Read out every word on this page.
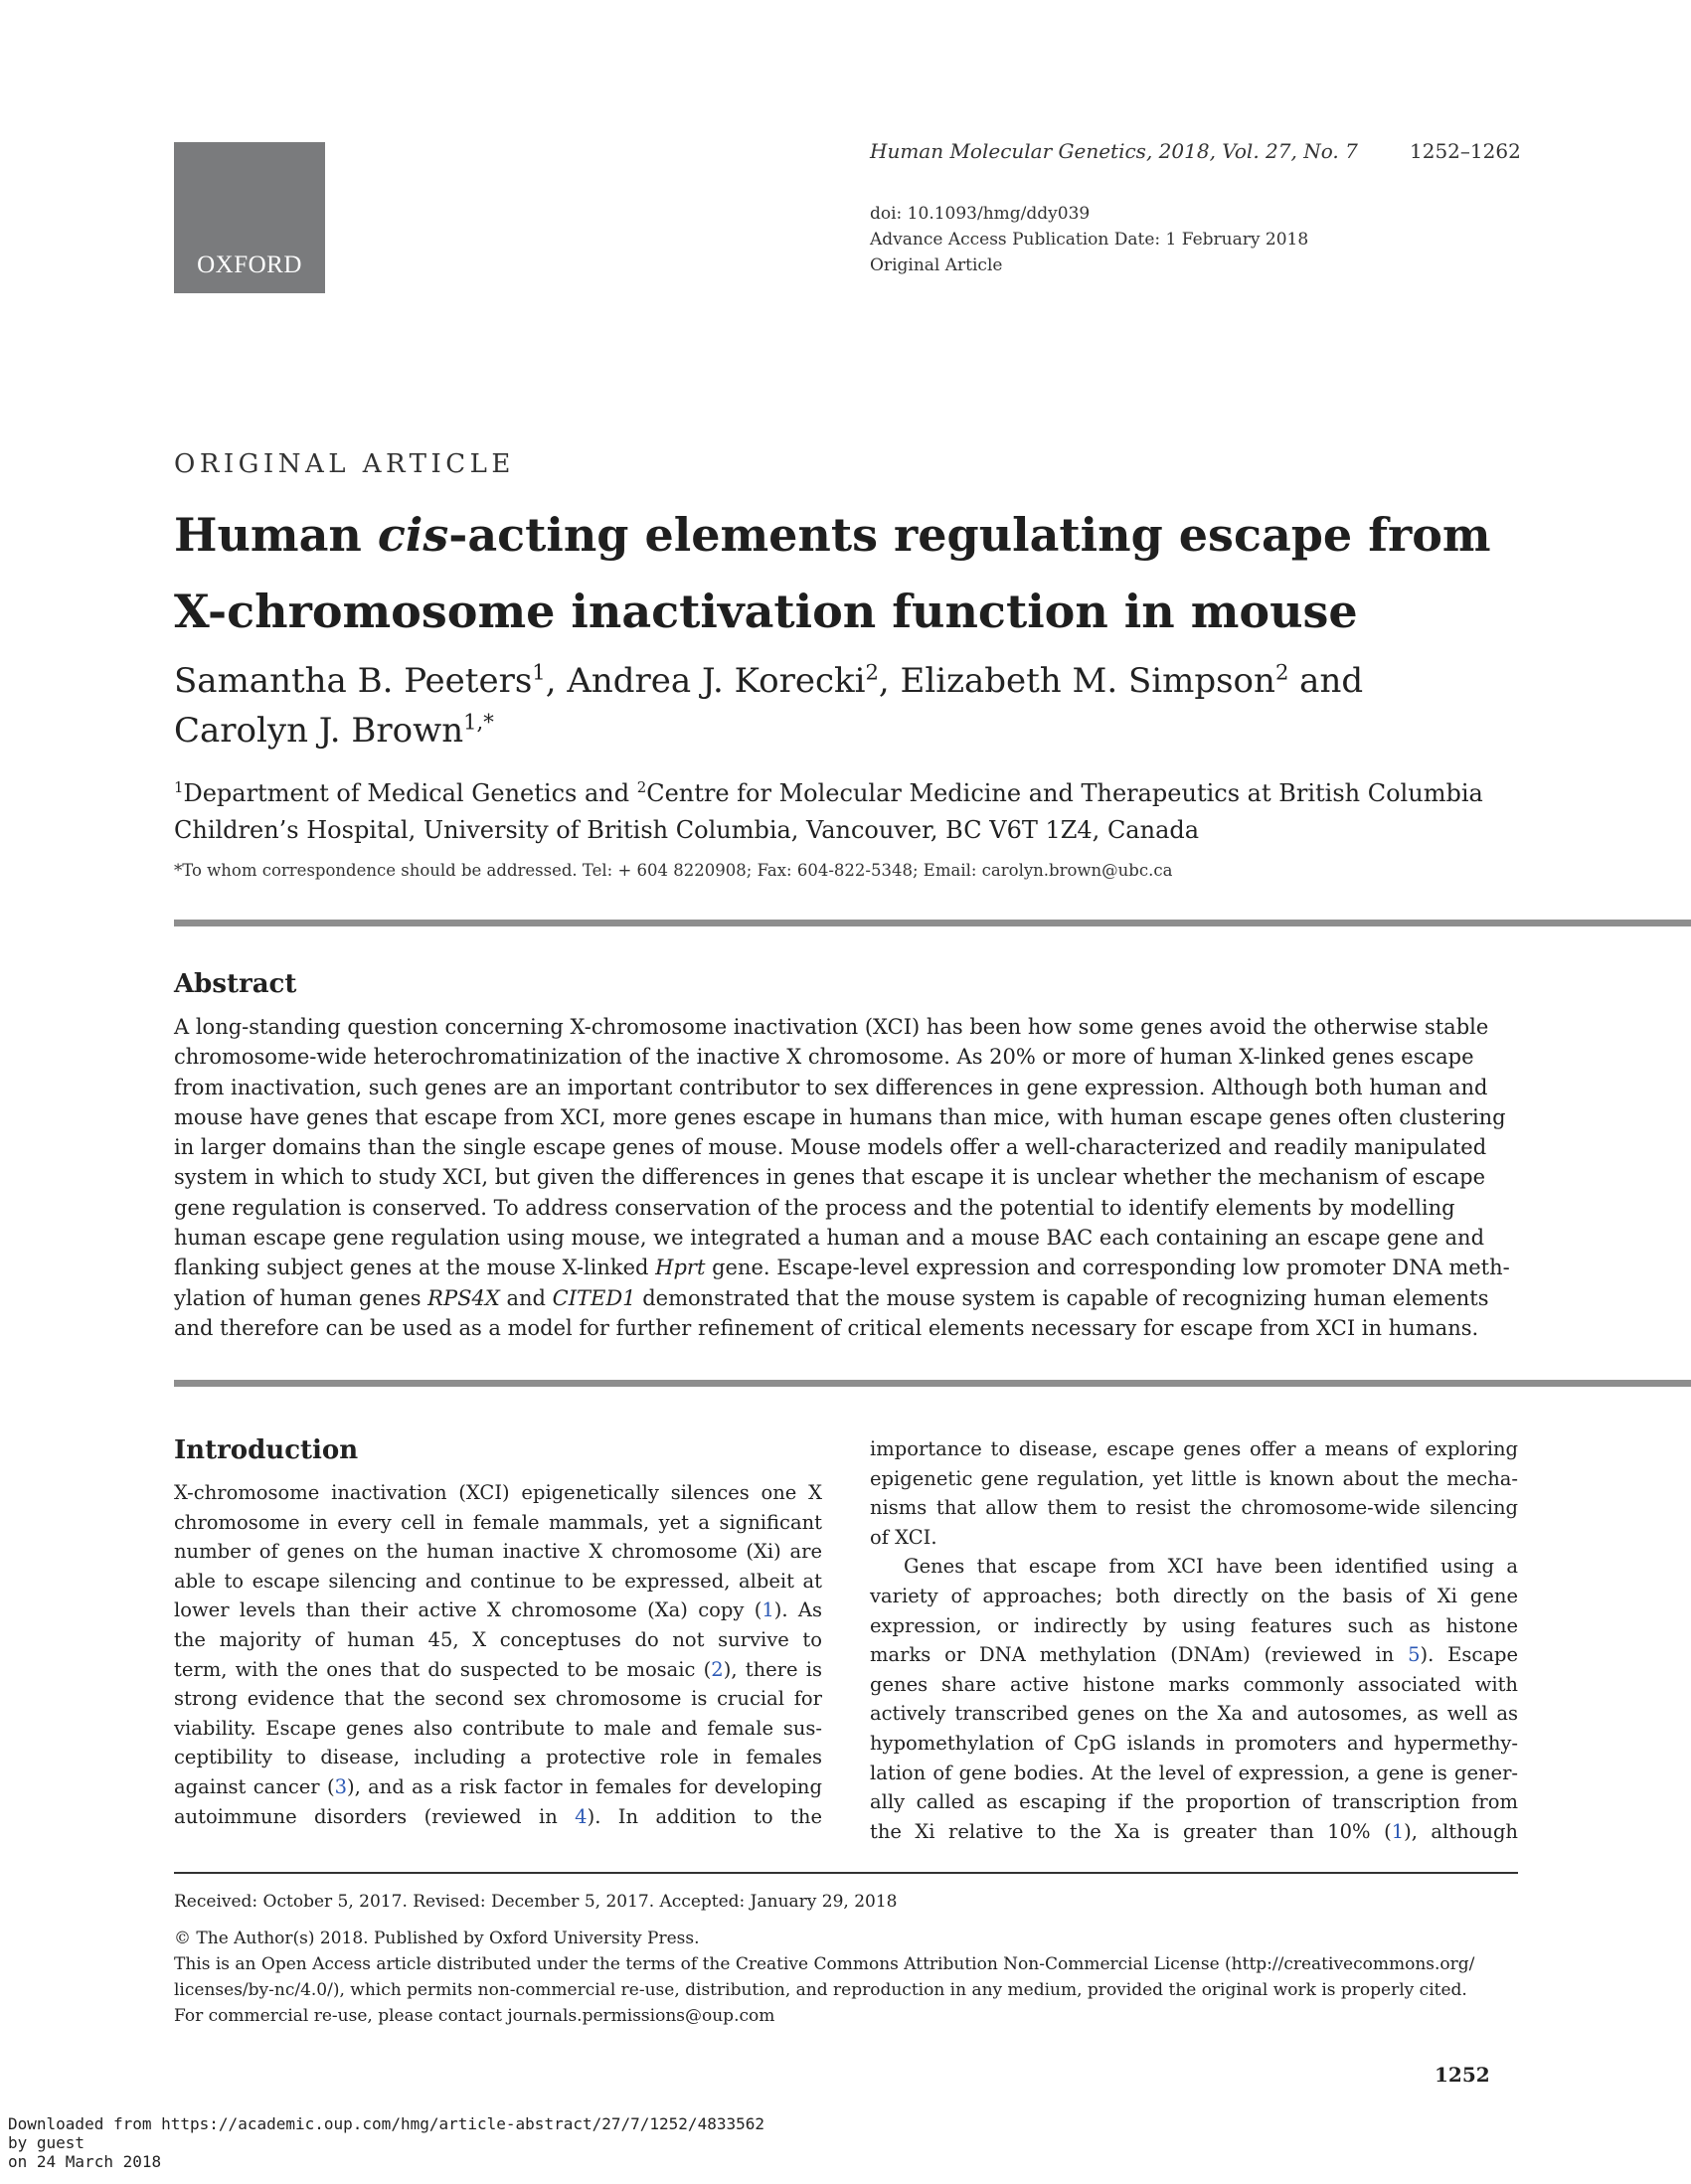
OXFORD
Human Molecular Genetics, 2018, Vol. 27, No. 7	1252–1262
doi: 10.1093/hmg/ddy039
Advance Access Publication Date: 1 February 2018
Original Article
ORIGINAL ARTICLE
Human cis-acting elements regulating escape from
X-chromosome inactivation function in mouse
Samantha B. Peeters$^1$, Andrea J. Korecki$^2$, Elizabeth M. Simpson$^2$ and
Carolyn J. Brown$^{1,*}$
$^1$Department of Medical Genetics and $^2$Centre for Molecular Medicine and Therapeutics at British Columbia
Children’s Hospital, University of British Columbia, Vancouver, BC V6T 1Z4, Canada
*To whom correspondence should be addressed. Tel: + 604 8220908; Fax: 604-822-5348; Email: carolyn.brown@ubc.ca
Abstract
A long-standing question concerning X-chromosome inactivation (XCI) has been how some genes avoid the otherwise stable
chromosome-wide heterochromatinization of the inactive X chromosome. As 20% or more of human X-linked genes escape
from inactivation, such genes are an important contributor to sex differences in gene expression. Although both human and
mouse have genes that escape from XCI, more genes escape in humans than mice, with human escape genes often clustering
in larger domains than the single escape genes of mouse. Mouse models offer a well-characterized and readily manipulated
system in which to study XCI, but given the differences in genes that escape it is unclear whether the mechanism of escape
gene regulation is conserved. To address conservation of the process and the potential to identify elements by modelling
human escape gene regulation using mouse, we integrated a human and a mouse BAC each containing an escape gene and
flanking subject genes at the mouse X-linked Hprt gene. Escape-level expression and corresponding low promoter DNA meth-
ylation of human genes RPS4X and CITED1 demonstrated that the mouse system is capable of recognizing human elements
and therefore can be used as a model for further refinement of critical elements necessary for escape from XCI in humans.
Introduction
X-chromosome inactivation (XCI) epigenetically silences one X
chromosome in every cell in female mammals, yet a significant
number of genes on the human inactive X chromosome (Xi) are
able to escape silencing and continue to be expressed, albeit at
lower levels than their active X chromosome (Xa) copy (1). As
the majority of human 45, X conceptuses do not survive to
term, with the ones that do suspected to be mosaic (2), there is
strong evidence that the second sex chromosome is crucial for
viability. Escape genes also contribute to male and female sus-
ceptibility to disease, including a protective role in females
against cancer (3), and as a risk factor in females for developing
autoimmune disorders (reviewed in 4). In addition to the
importance to disease, escape genes offer a means of exploring
epigenetic gene regulation, yet little is known about the mecha-
nisms that allow them to resist the chromosome-wide silencing
of XCI.
Genes that escape from XCI have been identified using a
variety of approaches; both directly on the basis of Xi gene
expression, or indirectly by using features such as histone
marks or DNA methylation (DNAm) (reviewed in 5). Escape
genes share active histone marks commonly associated with
actively transcribed genes on the Xa and autosomes, as well as
hypomethylation of CpG islands in promoters and hypermethy-
lation of gene bodies. At the level of expression, a gene is gener-
ally called as escaping if the proportion of transcription from
the Xi relative to the Xa is greater than 10% (1), although
Received: October 5, 2017. Revised: December 5, 2017. Accepted: January 29, 2018
© The Author(s) 2018. Published by Oxford University Press.
This is an Open Access article distributed under the terms of the Creative Commons Attribution Non-Commercial License (http://creativecommons.org/
licenses/by-nc/4.0/), which permits non-commercial re-use, distribution, and reproduction in any medium, provided the original work is properly cited.
For commercial re-use, please contact journals.permissions@oup.com
1252
Downloaded from https://academic.oup.com/hmg/article-abstract/27/7/1252/4833562
by guest
on 24 March 2018
